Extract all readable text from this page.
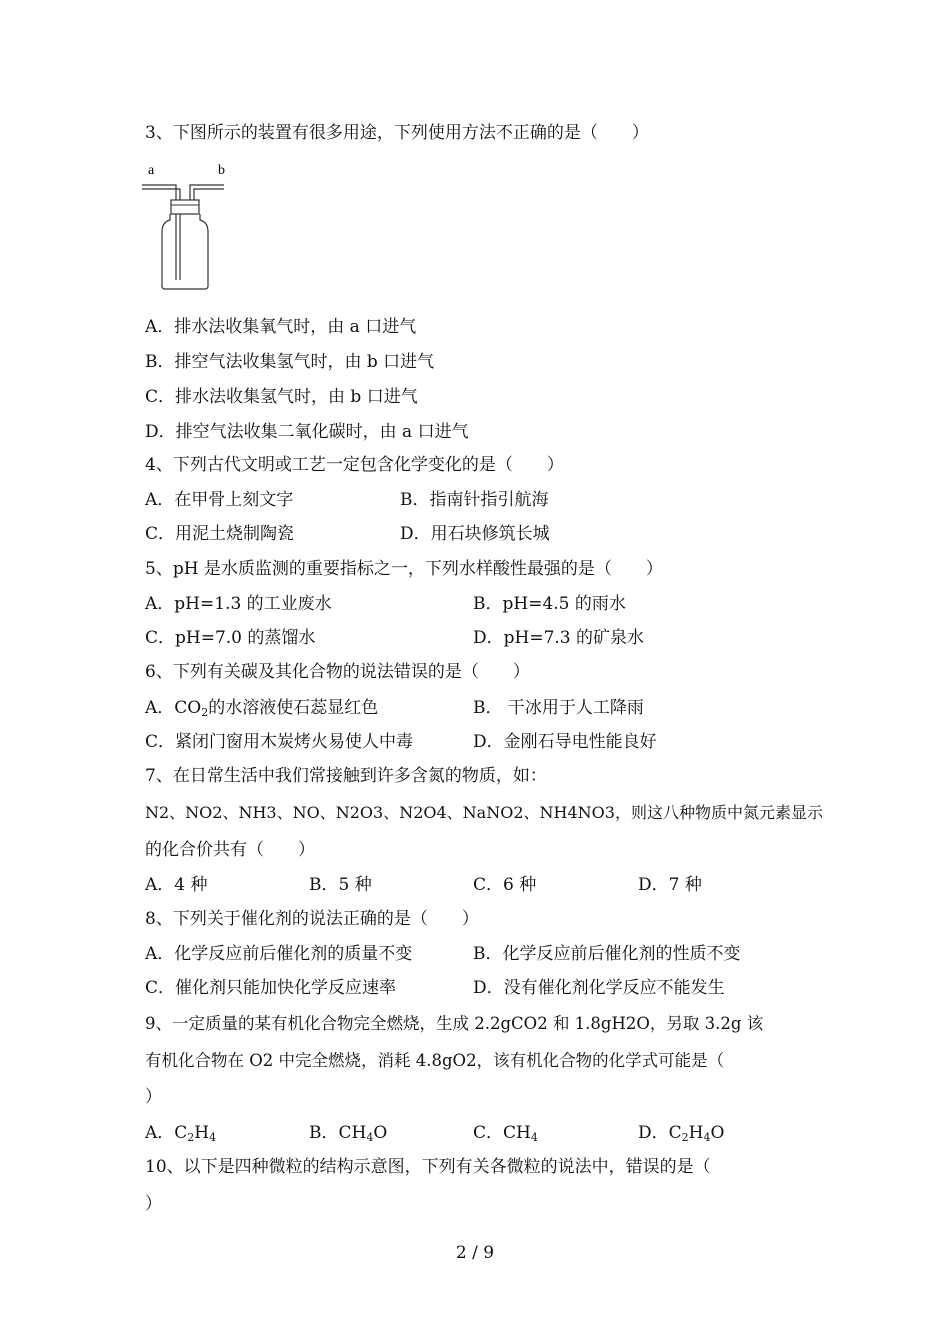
3、下图所示的装置有很多用途，下列使用方法不正确的是（　　）
a	b
A．排水法收集氧气时，由 a 口进气
B．排空气法收集氢气时，由 b 口进气
C．排水法收集氢气时，由 b 口进气
D．排空气法收集二氧化碳时，由 a 口进气
4、下列古代文明或工艺一定包含化学变化的是（　　）
A．在甲骨上刻文字	B．指南针指引航海
C．用泥土烧制陶瓷	D．用石块修筑长城
5、pH 是水质监测的重要指标之一，下列水样酸性最强的是（　　）
A．pH=1.3 的工业废水	B．pH=4.5 的雨水
C．pH=7.0 的蒸馏水	D．pH=7.3 的矿泉水
6、下列有关碳及其化合物的说法错误的是（　　）
A．$CO_2$的水溶液使石蕊显红色	B． 干冰用于人工降雨
C．紧闭门窗用木炭烤火易使人中毒	D．金刚石导电性能良好
7、在日常生活中我们常接触到许多含氮的物质，如：
N2、NO2、NH3、NO、N2O3、N2O4、NaNO2、NH4NO3，则这八种物质中氮元素显示
的化合价共有（　　）
A．4 种	B．5 种	C．6 种	D．7 种
8、下列关于催化剂的说法正确的是（　　）
A．化学反应前后催化剂的质量不变	B．化学反应前后催化剂的性质不变
C．催化剂只能加快化学反应速率	D．没有催化剂化学反应不能发生
9、一定质量的某有机化合物完全燃烧，生成 2.2gCO2 和 1.8gH2O，另取 3.2g 该
有机化合物在 O2 中完全燃烧，消耗 4.8gO2，该有机化合物的化学式可能是（
）
A．$C_2H_4$	B．$CH_4O$	C．$CH_4$	D．$C_2H_4O$
10、以下是四种微粒的结构示意图，下列有关各微粒的说法中，错误的是（
）
2 / 9
